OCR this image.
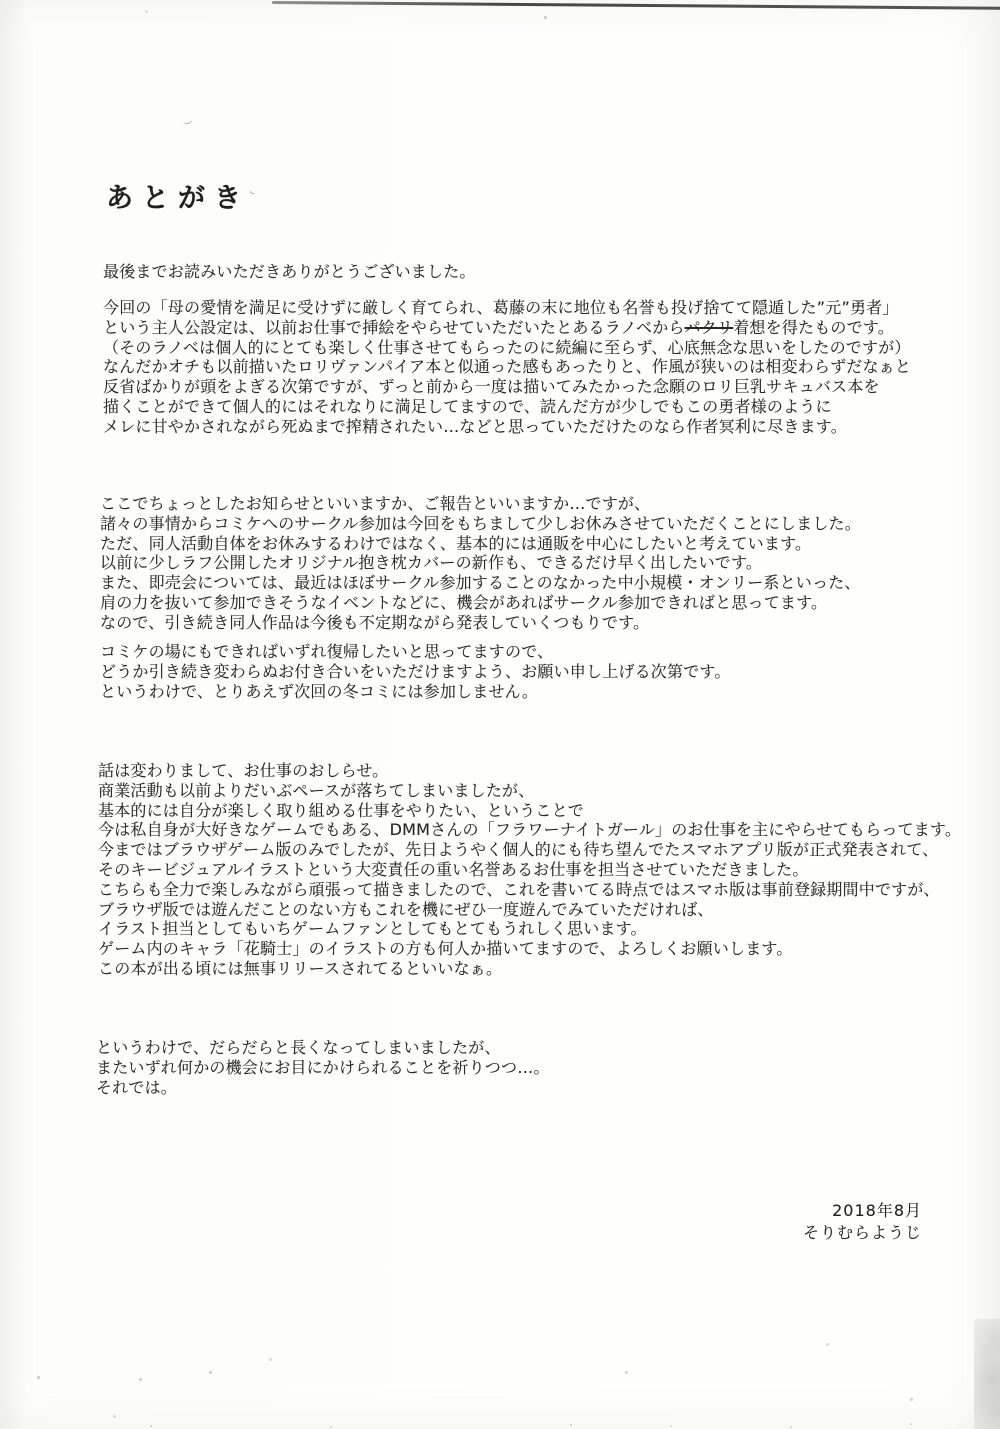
あとがき
最後までお読みいただきありがとうございました。
今回の「母の愛情を満足に受けずに厳しく育てられ、葛藤の末に地位も名誉も投げ捨てて隠遁した”元”勇者」
という主人公設定は、以前お仕事で挿絵をやらせていただいたとあるラノベからパクリ着想を得たものです。
（そのラノベは個人的にとても楽しく仕事させてもらったのに続編に至らず、心底無念な思いをしたのですが）
なんだかオチも以前描いたロリヴァンパイア本と似通った感もあったりと、作風が狭いのは相変わらずだなぁと
反省ばかりが頭をよぎる次第ですが、ずっと前から一度は描いてみたかった念願のロリ巨乳サキュバス本を
描くことができて個人的にはそれなりに満足してますので、読んだ方が少しでもこの勇者様のように
メレに甘やかされながら死ぬまで搾精されたい…などと思っていただけたのなら作者冥利に尽きます。
ここでちょっとしたお知らせといいますか、ご報告といいますか…ですが、
諸々の事情からコミケへのサークル参加は今回をもちまして少しお休みさせていただくことにしました。
ただ、同人活動自体をお休みするわけではなく、基本的には通販を中心にしたいと考えています。
以前に少しラフ公開したオリジナル抱き枕カバーの新作も、できるだけ早く出したいです。
また、即売会については、最近はほぼサークル参加することのなかった中小規模・オンリー系といった、
肩の力を抜いて参加できそうなイベントなどに、機会があればサークル参加できればと思ってます。
なので、引き続き同人作品は今後も不定期ながら発表していくつもりです。
コミケの場にもできればいずれ復帰したいと思ってますので、
どうか引き続き変わらぬお付き合いをいただけますよう、お願い申し上げる次第です。
というわけで、とりあえず次回の冬コミには参加しません。
話は変わりまして、お仕事のおしらせ。
商業活動も以前よりだいぶペースが落ちてしまいましたが、
基本的には自分が楽しく取り組める仕事をやりたい、ということで
今は私自身が大好きなゲームでもある、DMMさんの「フラワーナイトガール」のお仕事を主にやらせてもらってます。
今まではブラウザゲーム版のみでしたが、先日ようやく個人的にも待ち望んでたスマホアプリ版が正式発表されて、
そのキービジュアルイラストという大変責任の重い名誉あるお仕事を担当させていただきました。
こちらも全力で楽しみながら頑張って描きましたので、これを書いてる時点ではスマホ版は事前登録期間中ですが、
ブラウザ版では遊んだことのない方もこれを機にぜひ一度遊んでみていただければ、
イラスト担当としてもいちゲームファンとしてもとてもうれしく思います。
ゲーム内のキャラ「花騎士」のイラストの方も何人か描いてますので、よろしくお願いします。
この本が出る頃には無事リリースされてるといいなぁ。
というわけで、だらだらと長くなってしまいましたが、
またいずれ何かの機会にお目にかけられることを祈りつつ…。
それでは。
2018年8月
そりむらようじ
